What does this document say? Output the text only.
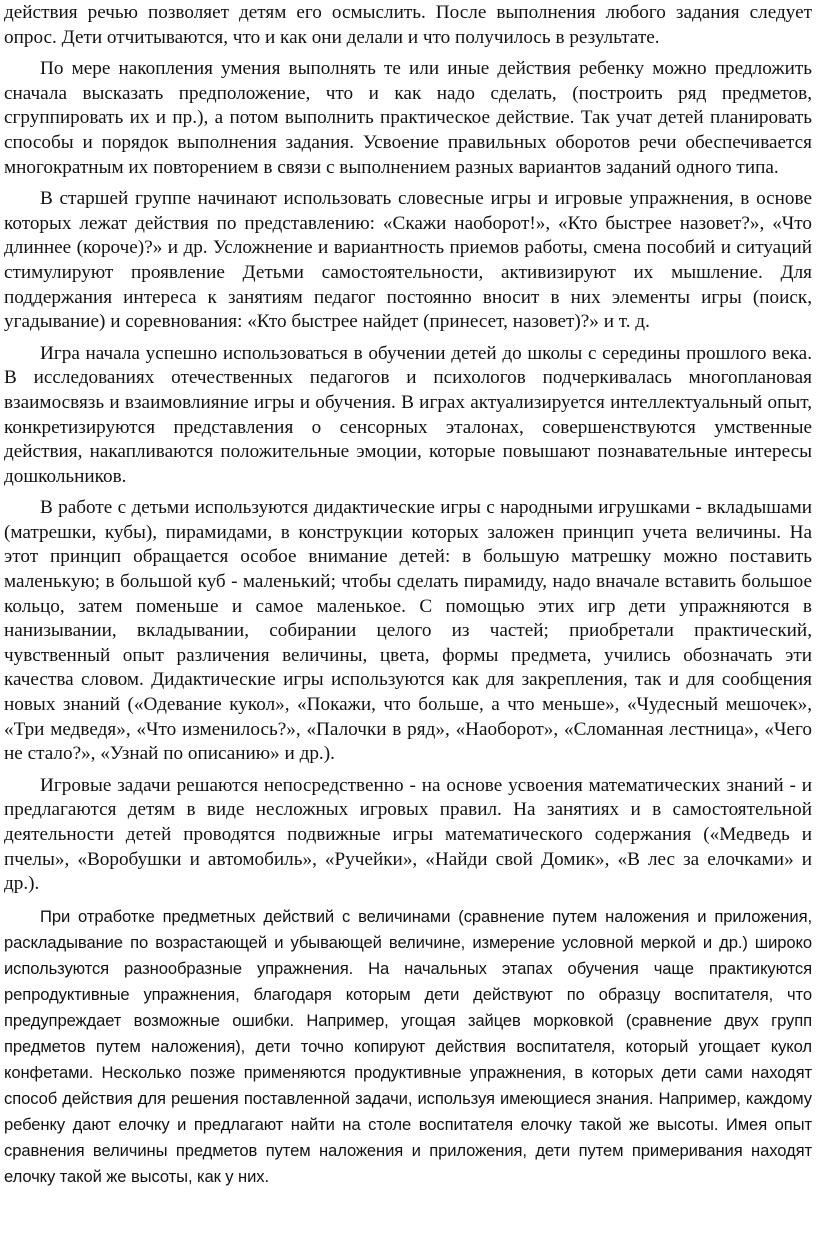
действия речью позволяет детям его осмыслить. После выполнения любого задания следует опрос. Дети отчитываются, что и как они делали и что получилось в результате.

По мере накопления умения выполнять те или иные действия ребенку можно предложить сначала высказать предположение, что и как надо сделать, (построить ряд предметов, сгруппировать их и пр.), а потом выполнить практическое действие. Так учат детей планировать способы и порядок выполнения задания. Усвоение правильных оборотов речи обеспечивается многократным их повторением в связи с выполнением разных вариантов заданий одного типа.

В старшей группе начинают использовать словесные игры и игровые упражнения, в основе которых лежат действия по представлению: «Скажи наоборот!», «Кто быстрее назовет?», «Что длиннее (короче)?» и др. Усложнение и вариантность приемов работы, смена пособий и ситуаций стимулируют проявление Детьми самостоятельности, активизируют их мышление. Для поддержания интереса к занятиям педагог постоянно вносит в них элементы игры (поиск, угадывание) и соревнования: «Кто быстрее найдет (принесет, назовет)?» и т. д.

Игра начала успешно использоваться в обучении детей до школы с середины прошлого века. В исследованиях отечественных педагогов и психологов подчеркивалась многоплановая взаимосвязь и взаимовлияние игры и обучения. В играх актуализируется интеллектуальный опыт, конкретизируются представления о сенсорных эталонах, совершенствуются умственные действия, накапливаются положительные эмоции, которые повышают познавательные интересы дошкольников.

В работе с детьми используются дидактические игры с народными игрушками - вкладышами (матрешки, кубы), пирамидами, в конструкции которых заложен принцип учета величины. На этот принцип обращается особое внимание детей: в большую матрешку можно поставить маленькую; в большой куб - маленький; чтобы сделать пирамиду, надо вначале вставить большое кольцо, затем поменьше и самое маленькое. С помощью этих игр дети упражняются в нанизывании, вкладывании, собирании целого из частей; приобретали практический, чувственный опыт различения величины, цвета, формы предмета, учились обозначать эти качества словом. Дидактические игры используются как для закрепления, так и для сообщения новых знаний («Одевание кукол», «Покажи, что больше, а что меньше», «Чудесный мешочек», «Три медведя», «Что изменилось?», «Палочки в ряд», «Наоборот», «Сломанная лестница», «Чего не стало?», «Узнай по описанию» и др.).

Игровые задачи решаются непосредственно - на основе усвоения математических знаний - и предлагаются детям в виде несложных игровых правил. На занятиях и в самостоятельной деятельности детей проводятся подвижные игры математического содержания («Медведь и пчелы», «Воробушки и автомобиль», «Ручейки», «Найди свой Домик», «В лес за елочками» и др.).

При отработке предметных действий с величинами (сравнение путем наложения и приложения, раскладывание по возрастающей и убывающей величине, измерение условной меркой и др.) широко используются разнообразные упражнения. На начальных этапах обучения чаще практикуются репродуктивные упражнения, благодаря которым дети действуют по образцу воспитателя, что предупреждает возможные ошибки. Например, угощая зайцев морковкой (сравнение двух групп предметов путем наложения), дети точно копируют действия воспитателя, который угощает кукол конфетами. Несколько позже применяются продуктивные упражнения, в которых дети сами находят способ действия для решения поставленной задачи, используя имеющиеся знания. Например, каждому ребенку дают елочку и предлагают найти на столе воспитателя елочку такой же высоты. Имея опыт сравнения величины предметов путем наложения и приложения, дети путем примеривания находят елочку такой же высоты, как у них.
